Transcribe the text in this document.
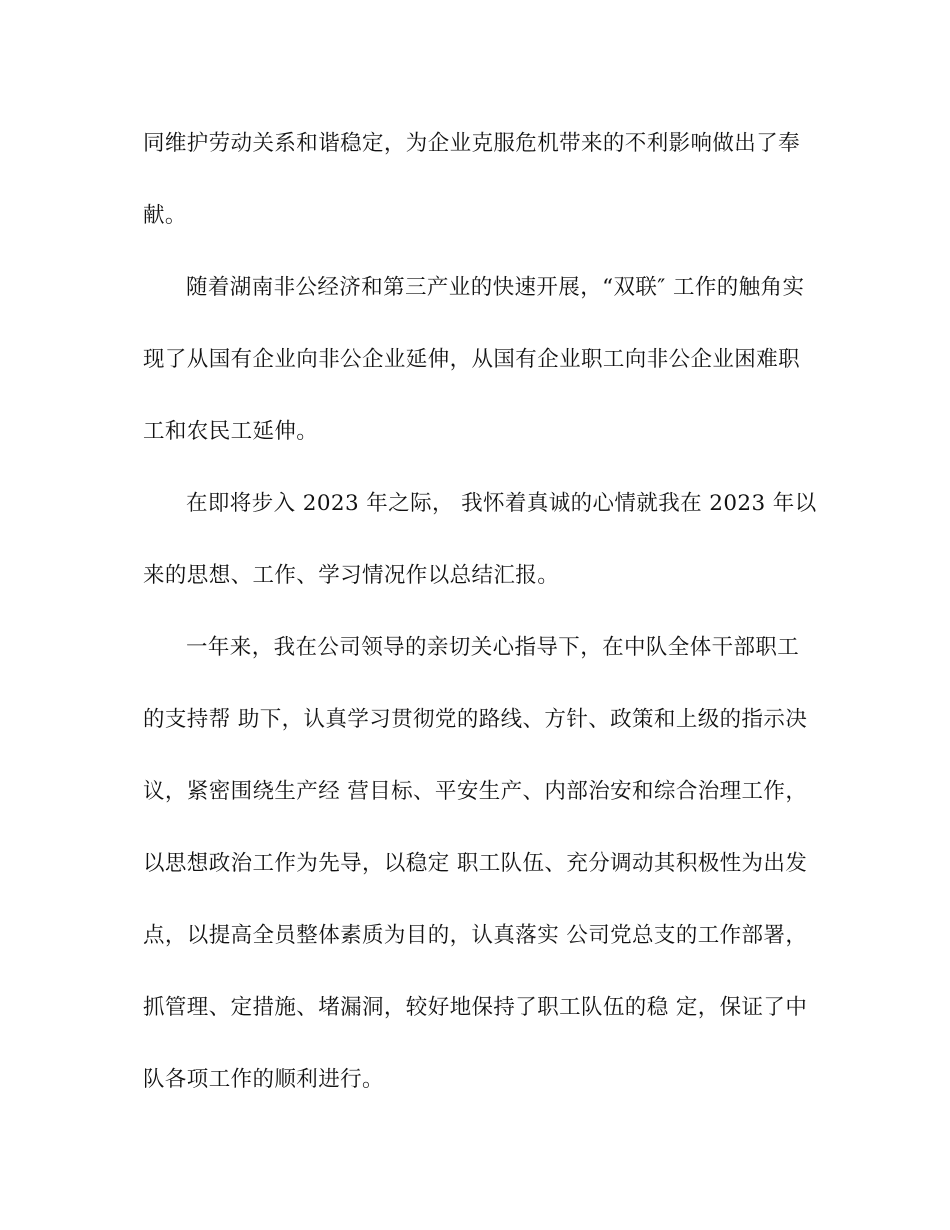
同维护劳动关系和谐稳定，为企业克服危机带来的不利影响做出了奉

献。

随着湖南非公经济和第三产业的快速开展，“双联″ 工作的触角实

现了从国有企业向非公企业延伸，从国有企业职工向非公企业困难职

工和农民工延伸。

在即将步入 2023 年之际， 我怀着真诚的心情就我在 2023 年以

来的思想、工作、学习情况作以总结汇报。

一年来，我在公司领导的亲切关心指导下，在中队全体干部职工

的支持帮 助下，认真学习贯彻党的路线、方针、政策和上级的指示决

议，紧密围绕生产经 营目标、平安生产、内部治安和综合治理工作，

以思想政治工作为先导，以稳定 职工队伍、充分调动其积极性为出发

点，以提高全员整体素质为目的，认真落实 公司党总支的工作部署，

抓管理、定措施、堵漏洞，较好地保持了职工队伍的稳 定，保证了中

队各项工作的顺利进行。
